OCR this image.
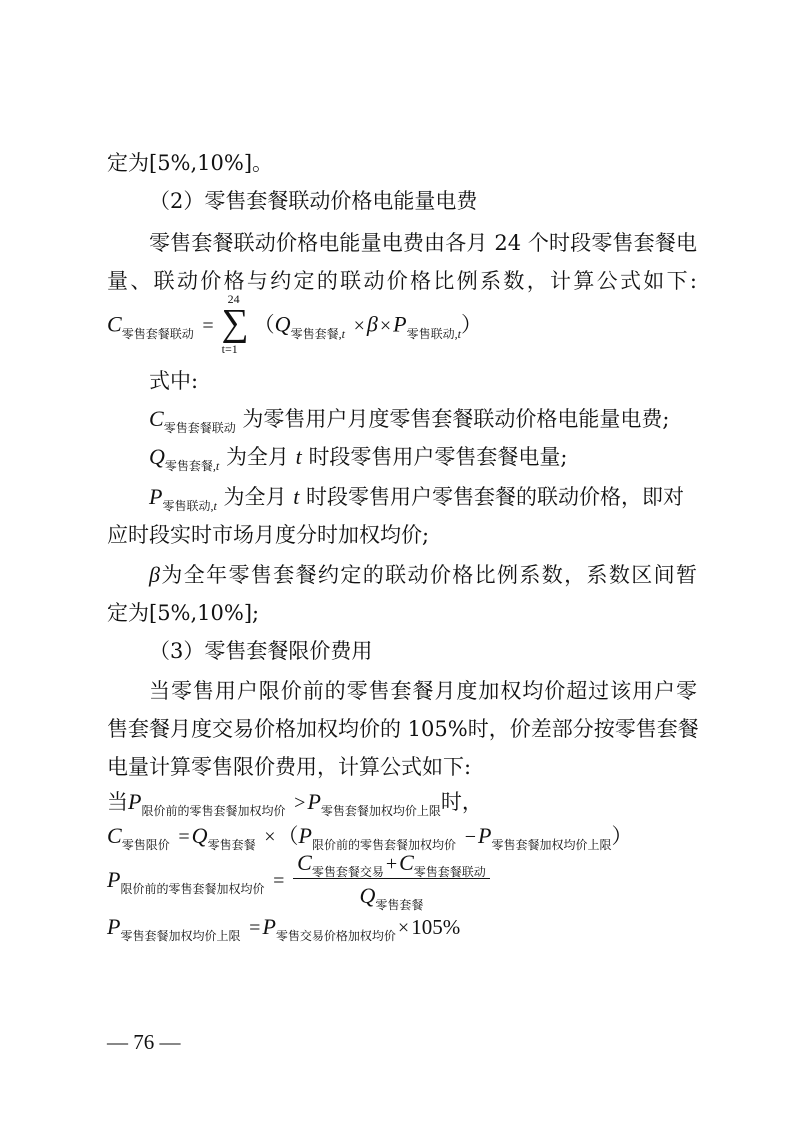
定为[5%,10%]。
（2）零售套餐联动价格电能量电费
零售套餐联动价格电能量电费由各月 24 个时段零售套餐电
量、联动价格与约定的联动价格比例系数，计算公式如下:
$C_{零售套餐联动}$ =
24
∑
t=1
$(Q_{零售套餐,t} \times\beta \times P_{零售联动,t})$
式中:
$C_{零售套餐联动}$ 为零售用户月度零售套餐联动价格电能量电费;
$Q_{零售套餐,t}$ 为全月 t 时段零售用户零售套餐电量;
$P_{零售联动,t}$ 为全月 t 时段零售用户零售套餐的联动价格，即对
应时段实时市场月度分时加权均价;
β为全年零售套餐约定的联动价格比例系数，系数区间暂
定为[5%,10%];
（3）零售套餐限价费用
当零售用户限价前的零售套餐月度加权均价超过该用户零
售套餐月度交易价格加权均价的 105%时，价差部分按零售套餐
电量计算零售限价费用，计算公式如下:
当$P_{限价前的零售套餐加权均价} >P_{零售套餐加权均价上限}$时，
$C_{零售限价} =Q_{零售套餐} \times(P_{限价前的零售套餐加权均价} -P_{零售套餐加权均价上限})$
$P_{限价前的零售套餐加权均价} = \frac{C_{零售套餐交易} +C_{零售套餐联动}}{Q_{零售套餐}}$
$P_{零售套餐加权均价上限} =P_{零售交易价格加权均价} \times 105\%$
— 76 —
